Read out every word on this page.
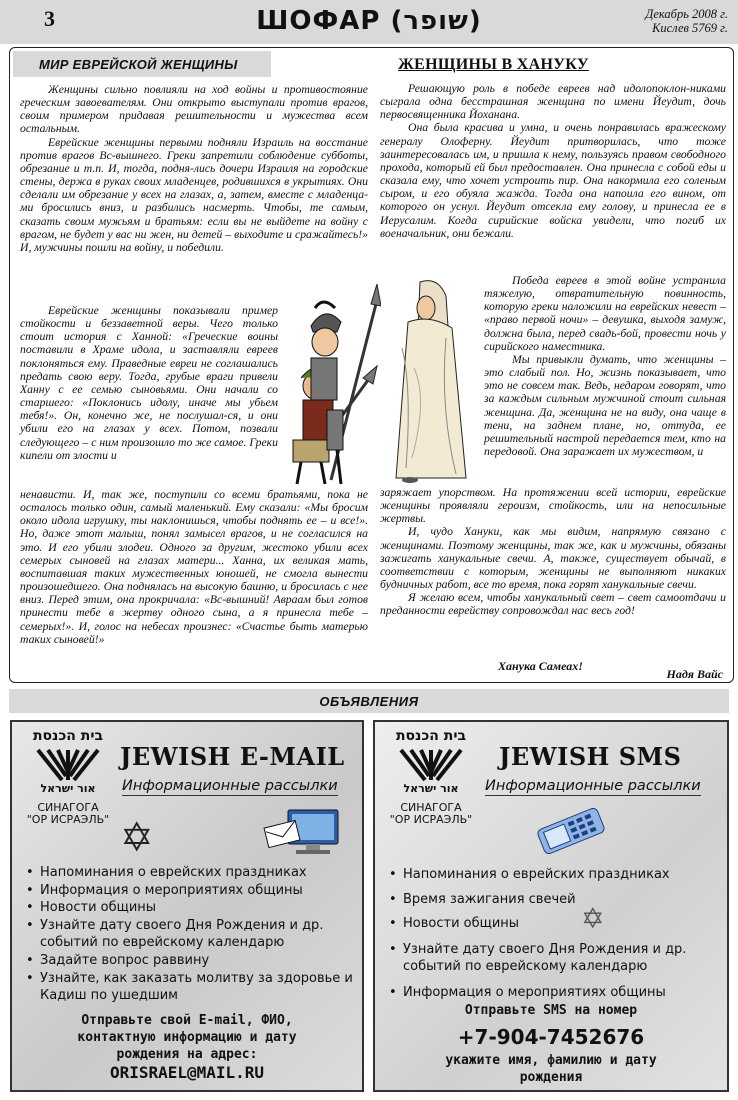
3	ШОФАР (שופר)	Декабрь 2008 г.
Кислев 5769 г.
МИР ЕВРЕЙСКОЙ ЖЕНЩИНЫ	ЖЕНЩИНЫ В ХАНУКУ

Женщины сильно повлияли на ход войны и противостояние греческим завоевателям. Они открыто выступали против врагов, своим примером придавая решительности и мужества всем остальным.

Еврейские женщины первыми подняли Израиль на восстание против врагов Вс-вышнего. Греки запретили соблюдение субботы, обрезание и т.п. И, тогда, подня-лись дочери Израиля на городские стены, держа в руках своих младенцев, родившихся в укрытиях. Они сделали им обрезание у всех на глазах, а, затем, вместе с младенца-ми бросились вниз, и разбились насмерть. Чтобы, те самым, сказать своим мужьям и братьям: если вы не выйдете на войну с врагом, не будет у вас ни жен, ни детей – выходите и сражайтесь!» И, мужчины пошли на войну, и победили.

Еврейские женщины показывали пример стойкости и беззаветной веры. Чего только стоит история с Ханной: «Греческие воины поставили в Храме идола, и заставляли евреев поклоняться ему. Праведные евреи не соглашались предать свою веру. Тогда, грубые враги привели Ханну с ее семью сыновьями. Они начали со старшего: «Поклонись идолу, иначе мы убьем тебя!». Он, конечно же, не послушал-ся, и они убили его на глазах у всех. Потом, позвали следующего – с ним произошло то же самое. Греки кипели от злости и

ненависти. И, так же, поступили со всеми братьями, пока не осталось только один, самый маленький. Ему сказали: «Мы бросим около идола игрушку, ты наклонишься, чтобы поднять ее – и все!». Но, даже этот малыш, понял замысел врагов, и не согласился на это. И его убили злодеи. Одного за другим, жестоко убили всех семерых сыновей на глазах матери... Ханна, их великая мать, воспитавшая таких мужественных юношей, не смогла вынести произошедшего. Она поднялась на высокую башню, и бросилась с нее вниз. Перед этим, она прокричала: «Вс-вышний! Авраам был готов принести тебе в жертву одного сына, а я принесла тебе – семерых!». И, голос на небесах произнес: «Счастье быть матерью таких сыновей!»

Решающую роль в победе евреев над идолопоклон-никами сыграла одна бесстрашная женщина по имени Йеудит, дочь первосвященника Йоханана.

Она была красива и умна, и очень понравилась вражескому генералу Олоферну. Йеудит притворилась, что тоже заинтересовалась им, и пришла к нему, пользуясь правом свободного прохода, который ей был предоставлен. Она принесла с собой еды и сказала ему, что хочет устроить пир. Она накормила его соленым сыром, и его обуяла жажда. Тогда она напоила его вином, от которого он уснул. Йеудит отсекла ему голову, и принесла ее в Иерусалим. Когда сирийские войска увидели, что погиб их военачальник, они бежали.

Победа евреев в этой войне устранила тяжелую, отвратительную повинность, которую греки наложили на еврейских невест – «право первой ночи» – девушка, выходя замуж, должна была, перед свадь-бой, провести ночь у сирийского наместника.

Мы привыкли думать, что женщины – это слабый пол. Но, жизнь показывает, что это не совсем так. Ведь, недаром говорят, что за каждым сильным мужчиной стоит сильная женщина. Да, женщина не на виду, она чаще в тени, на заднем плане, но, оттуда, ее решительный настрой передается тем, кто на передовой. Она заражает их мужеством, и

заряжает упорством. На протяжении всей истории, еврейские женщины проявляли героизм, стойкость, или на непосильные жертвы.

И, чудо Хануки, как мы видим, напрямую связано с женщинами. Поэтому женщины, так же, как и мужчины, обязаны зажигать ханукальные свечи. А, также, существует обычай, в соответствии с которым, женщины не выполняют никаких будничных работ, все то время, пока горят ханукальные свечи.

Я желаю всем, чтобы ханукальный свет – свет самоотдачи и преданности еврейству сопровождал нас весь год!

Ханука Самеах!
Надя Вайс
ОБЪЯВЛЕНИЯ
בית הכנסת
אור ישראל
СИНАГОГА
"ОР ИСРАЭЛЬ"
JEWISH E-MAIL
Информационные рассылки
✡
• Напоминания о еврейских праздниках
• Информация о мероприятиях общины
• Новости общины
• Узнайте дату своего Дня Рождения и др. событий по еврейскому календарю
• Задайте вопрос раввину
• Узнайте, как заказать молитву за здоровье и Кадиш по ушедшим
Отправьте свой E-mail, ФИО, контактную информацию и дату рождения на адрес:
ORISRAEL@MAIL.RU
בית הכנסת
אור ישראל
СИНАГОГА
"ОР ИСРАЭЛЬ"
JEWISH SMS
Информационные рассылки
✡
• Напоминания о еврейских праздниках
• Время зажигания свечей
• Новости общины
• Узнайте дату своего Дня Рождения и др. событий по еврейскому календарю
• Информация о мероприятиях общины
Отправьте SMS на номер
+7-904-7452676
укажите имя, фамилию и дату рождения
